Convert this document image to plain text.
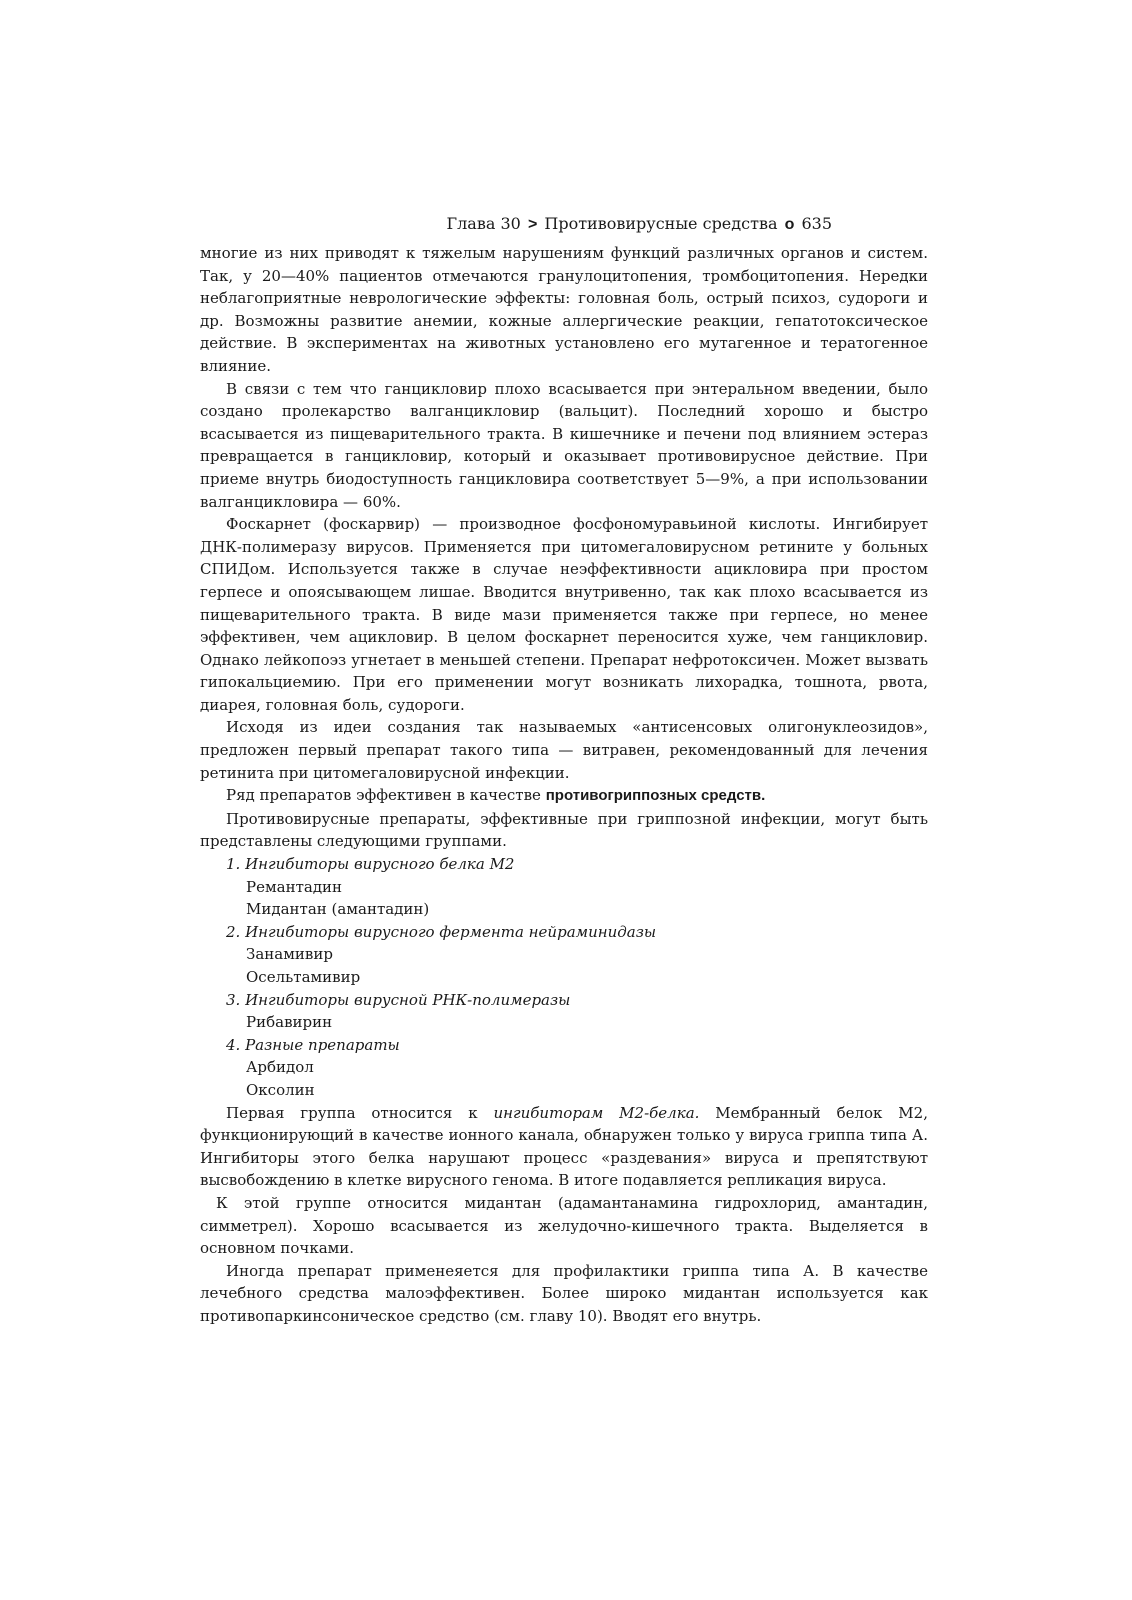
Глава 30 > Противовирусные средства o 635

многие из них приводят к тяжелым нарушениям функций различных органов и систем. Так, у 20—40% пациентов отмечаются гранулоцитопения, тромбоцитопения. Нередки неблагоприятные неврологические эффекты: головная боль, острый психоз, судороги и др. Возможны развитие анемии, кожные аллергические реакции, гепатотоксическое действие. В экспериментах на животных установлено его мутагенное и тератогенное влияние.

В связи с тем что ганцикловир плохо всасывается при энтеральном введении, было создано пролекарство валганцикловир (вальцит). Последний хорошо и быстро всасывается из пищеварительного тракта. В кишечнике и печени под влиянием эстераз превращается в ганцикловир, который и оказывает противовирусное действие. При приеме внутрь биодоступность ганцикловира соответствует 5—9%, а при использовании валганцикловира — 60%.

Фоскарнет (фоскарвир) — производное фосфономуравьиной кислоты. Ингибирует ДНК-полимеразу вирусов. Применяется при цитомегаловирусном ретините у больных СПИДом. Используется также в случае неэффективности ацикловира при простом герпесе и опоясывающем лишае. Вводится внутривенно, так как плохо всасывается из пищеварительного тракта. В виде мази применяется также при герпесе, но менее эффективен, чем ацикловир. В целом фоскарнет переносится хуже, чем ганцикловир. Однако лейкопоэз угнетает в меньшей степени. Препарат нефротоксичен. Может вызвать гипокальциемию. При его применении могут возникать лихорадка, тошнота, рвота, диарея, головная боль, судороги.

Исходя из идеи создания так называемых «антисенсовых олигонуклеозидов», предложен первый препарат такого типа — витравен, рекомендованный для лечения ретинита при цитомегаловирусной инфекции.

Ряд препаратов эффективен в качестве противогриппозных средств.

Противовирусные препараты, эффективные при гриппозной инфекции, могут быть представлены следующими группами.

1. Ингибиторы вирусного белка М2
Ремантадин
Мидантан (амантадин)
2. Ингибиторы вирусного фермента нейраминидазы
Занамивир
Осельтамивир
3. Ингибиторы вирусной РНК-полимеразы
Рибавирин
4. Разные препараты
Арбидол
Оксолин

Первая группа относится к ингибиторам М2-белка. Мембранный белок М2, функционирующий в качестве ионного канала, обнаружен только у вируса гриппа типа А. Ингибиторы этого белка нарушают процесс «раздевания» вируса и препятствуют высвобождению в клетке вирусного генома. В итоге подавляется репликация вируса.

К этой группе относится мидантан (адамантанамина гидрохлорид, амантадин, симметрел). Хорошо всасывается из желудочно-кишечного тракта. Выделяется в основном почками.

Иногда препарат применеяется для профилактики гриппа типа А. В качестве лечебного средства малоэффективен. Более широко мидантан используется как противопаркинсоническое средство (см. главу 10). Вводят его внутрь.
